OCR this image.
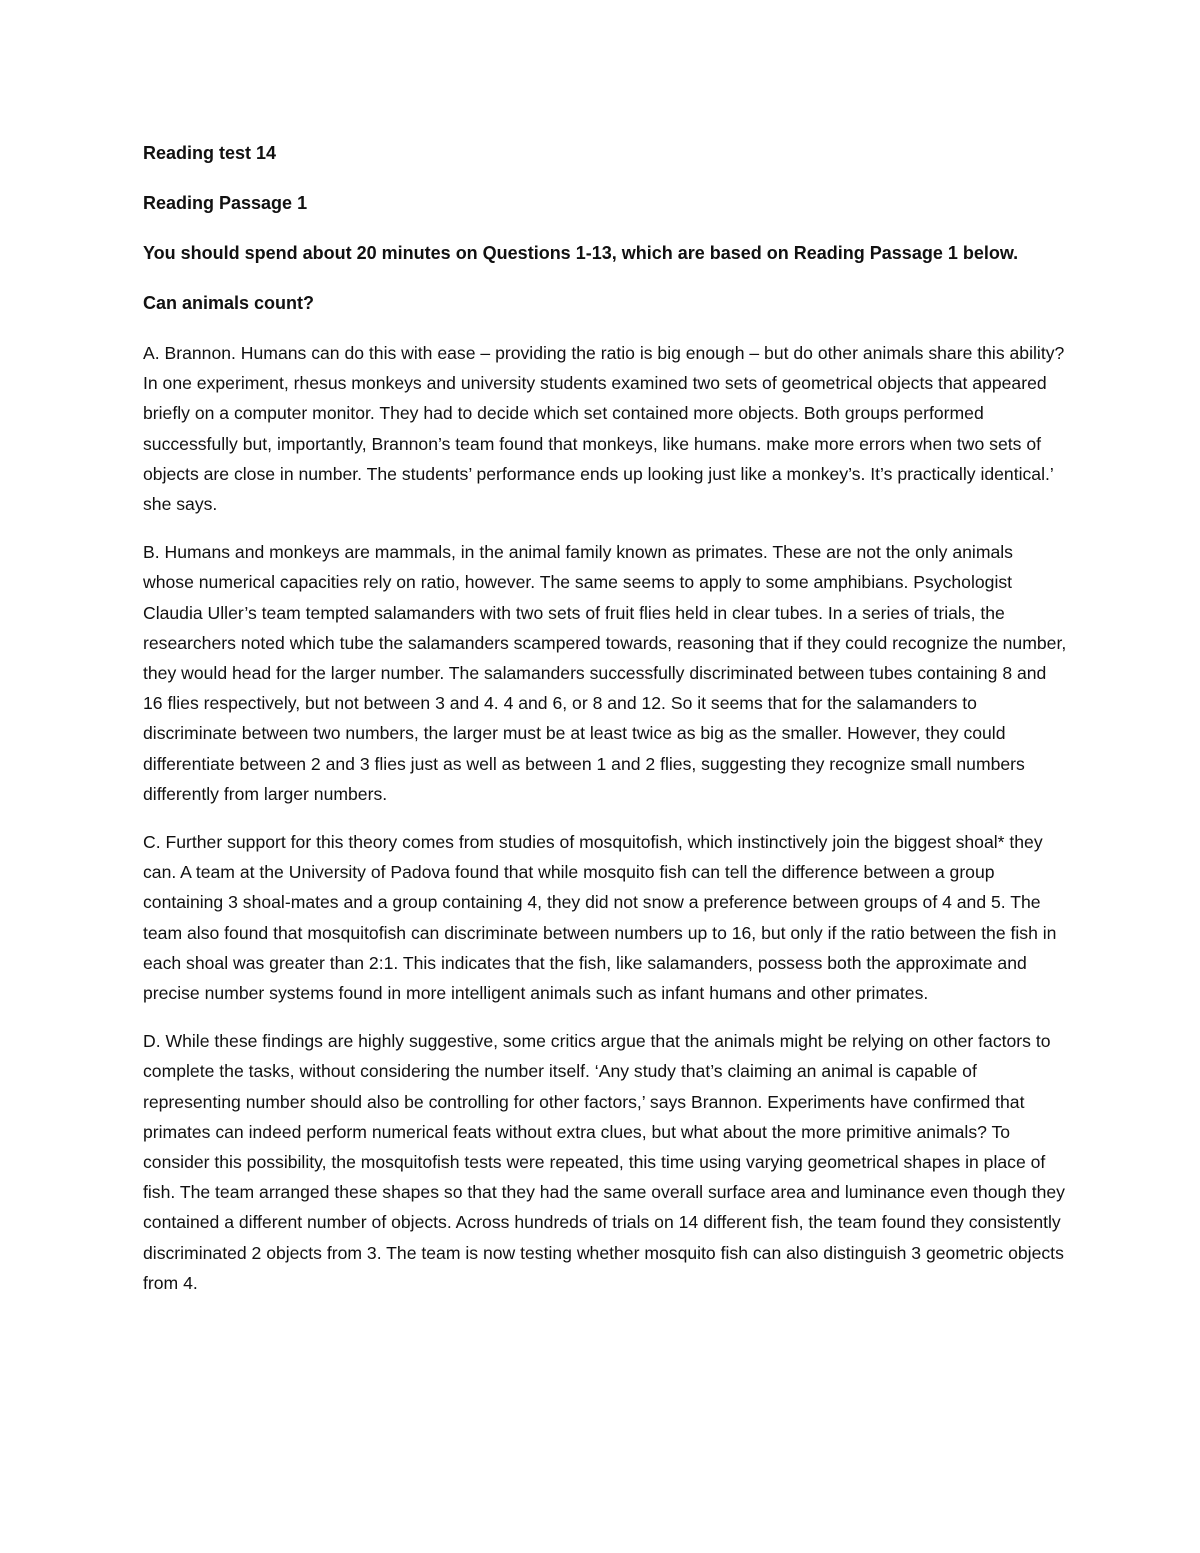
Reading test 14
Reading Passage 1
You should spend about 20 minutes on Questions 1-13, which are based on Reading Passage 1 below.
Can animals count?

A. Brannon. Humans can do this with ease – providing the ratio is big enough – but do other animals share this ability? In one experiment, rhesus monkeys and university students examined two sets of geometrical objects that appeared briefly on a computer monitor. They had to decide which set contained more objects. Both groups performed successfully but, importantly, Brannon’s team found that monkeys, like humans. make more errors when two sets of objects are close in number. The students’ performance ends up looking just like a monkey’s. It’s practically identical.’ she says.

B. Humans and monkeys are mammals, in the animal family known as primates. These are not the only animals whose numerical capacities rely on ratio, however. The same seems to apply to some amphibians. Psychologist Claudia Uller’s team tempted salamanders with two sets of fruit flies held in clear tubes. In a series of trials, the researchers noted which tube the salamanders scampered towards, reasoning that if they could recognize the number, they would head for the larger number. The salamanders successfully discriminated between tubes containing 8 and 16 flies respectively, but not between 3 and 4. 4 and 6, or 8 and 12. So it seems that for the salamanders to discriminate between two numbers, the larger must be at least twice as big as the smaller. However, they could differentiate between 2 and 3 flies just as well as between 1 and 2 flies, suggesting they recognize small numbers differently from larger numbers.

C. Further support for this theory comes from studies of mosquitofish, which instinctively join the biggest shoal* they can. A team at the University of Padova found that while mosquito fish can tell the difference between a group containing 3 shoal-mates and a group containing 4, they did not snow a preference between groups of 4 and 5. The team also found that mosquitofish can discriminate between numbers up to 16, but only if the ratio between the fish in each shoal was greater than 2:1. This indicates that the fish, like salamanders, possess both the approximate and precise number systems found in more intelligent animals such as infant humans and other primates.

D. While these findings are highly suggestive, some critics argue that the animals might be relying on other factors to complete the tasks, without considering the number itself. ‘Any study that’s claiming an animal is capable of representing number should also be controlling for other factors,’ says Brannon. Experiments have confirmed that primates can indeed perform numerical feats without extra clues, but what about the more primitive animals? To consider this possibility, the mosquitofish tests were repeated, this time using varying geometrical shapes in place of fish. The team arranged these shapes so that they had the same overall surface area and luminance even though they contained a different number of objects. Across hundreds of trials on 14 different fish, the team found they consistently discriminated 2 objects from 3. The team is now testing whether mosquito fish can also distinguish 3 geometric objects from 4.
